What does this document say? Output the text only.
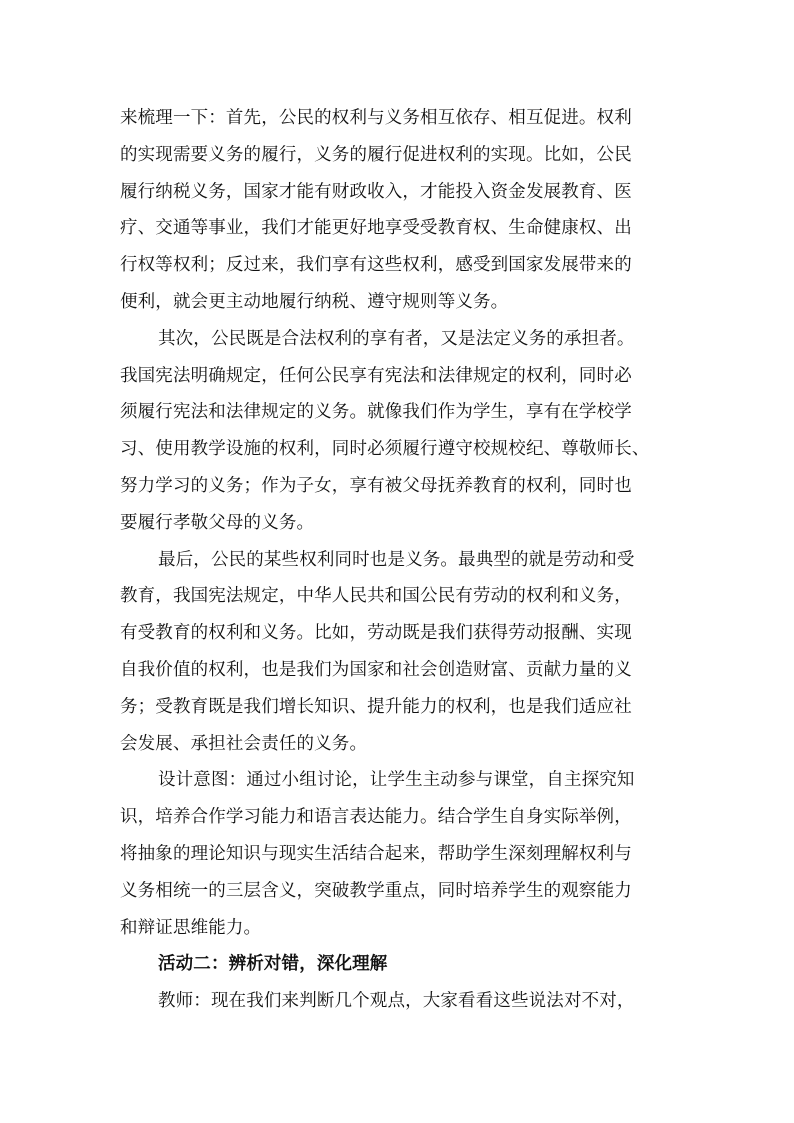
来梳理一下：首先，公民的权利与义务相互依存、相互促进。权利
的实现需要义务的履行，义务的履行促进权利的实现。比如，公民
履行纳税义务，国家才能有财政收入，才能投入资金发展教育、医
疗、交通等事业，我们才能更好地享受受教育权、生命健康权、出
行权等权利；反过来，我们享有这些权利，感受到国家发展带来的
便利，就会更主动地履行纳税、遵守规则等义务。
其次，公民既是合法权利的享有者，又是法定义务的承担者。
我国宪法明确规定，任何公民享有宪法和法律规定的权利，同时必
须履行宪法和法律规定的义务。就像我们作为学生，享有在学校学
习、使用教学设施的权利，同时必须履行遵守校规校纪、尊敬师长、
努力学习的义务；作为子女，享有被父母抚养教育的权利，同时也
要履行孝敬父母的义务。
最后，公民的某些权利同时也是义务。最典型的就是劳动和受
教育，我国宪法规定，中华人民共和国公民有劳动的权利和义务，
有受教育的权利和义务。比如，劳动既是我们获得劳动报酬、实现
自我价值的权利，也是我们为国家和社会创造财富、贡献力量的义
务；受教育既是我们增长知识、提升能力的权利，也是我们适应社
会发展、承担社会责任的义务。
设计意图：通过小组讨论，让学生主动参与课堂，自主探究知
识，培养合作学习能力和语言表达能力。结合学生自身实际举例，
将抽象的理论知识与现实生活结合起来，帮助学生深刻理解权利与
义务相统一的三层含义，突破教学重点，同时培养学生的观察能力
和辩证思维能力。
活动二：辨析对错，深化理解
教师：现在我们来判断几个观点，大家看看这些说法对不对，
